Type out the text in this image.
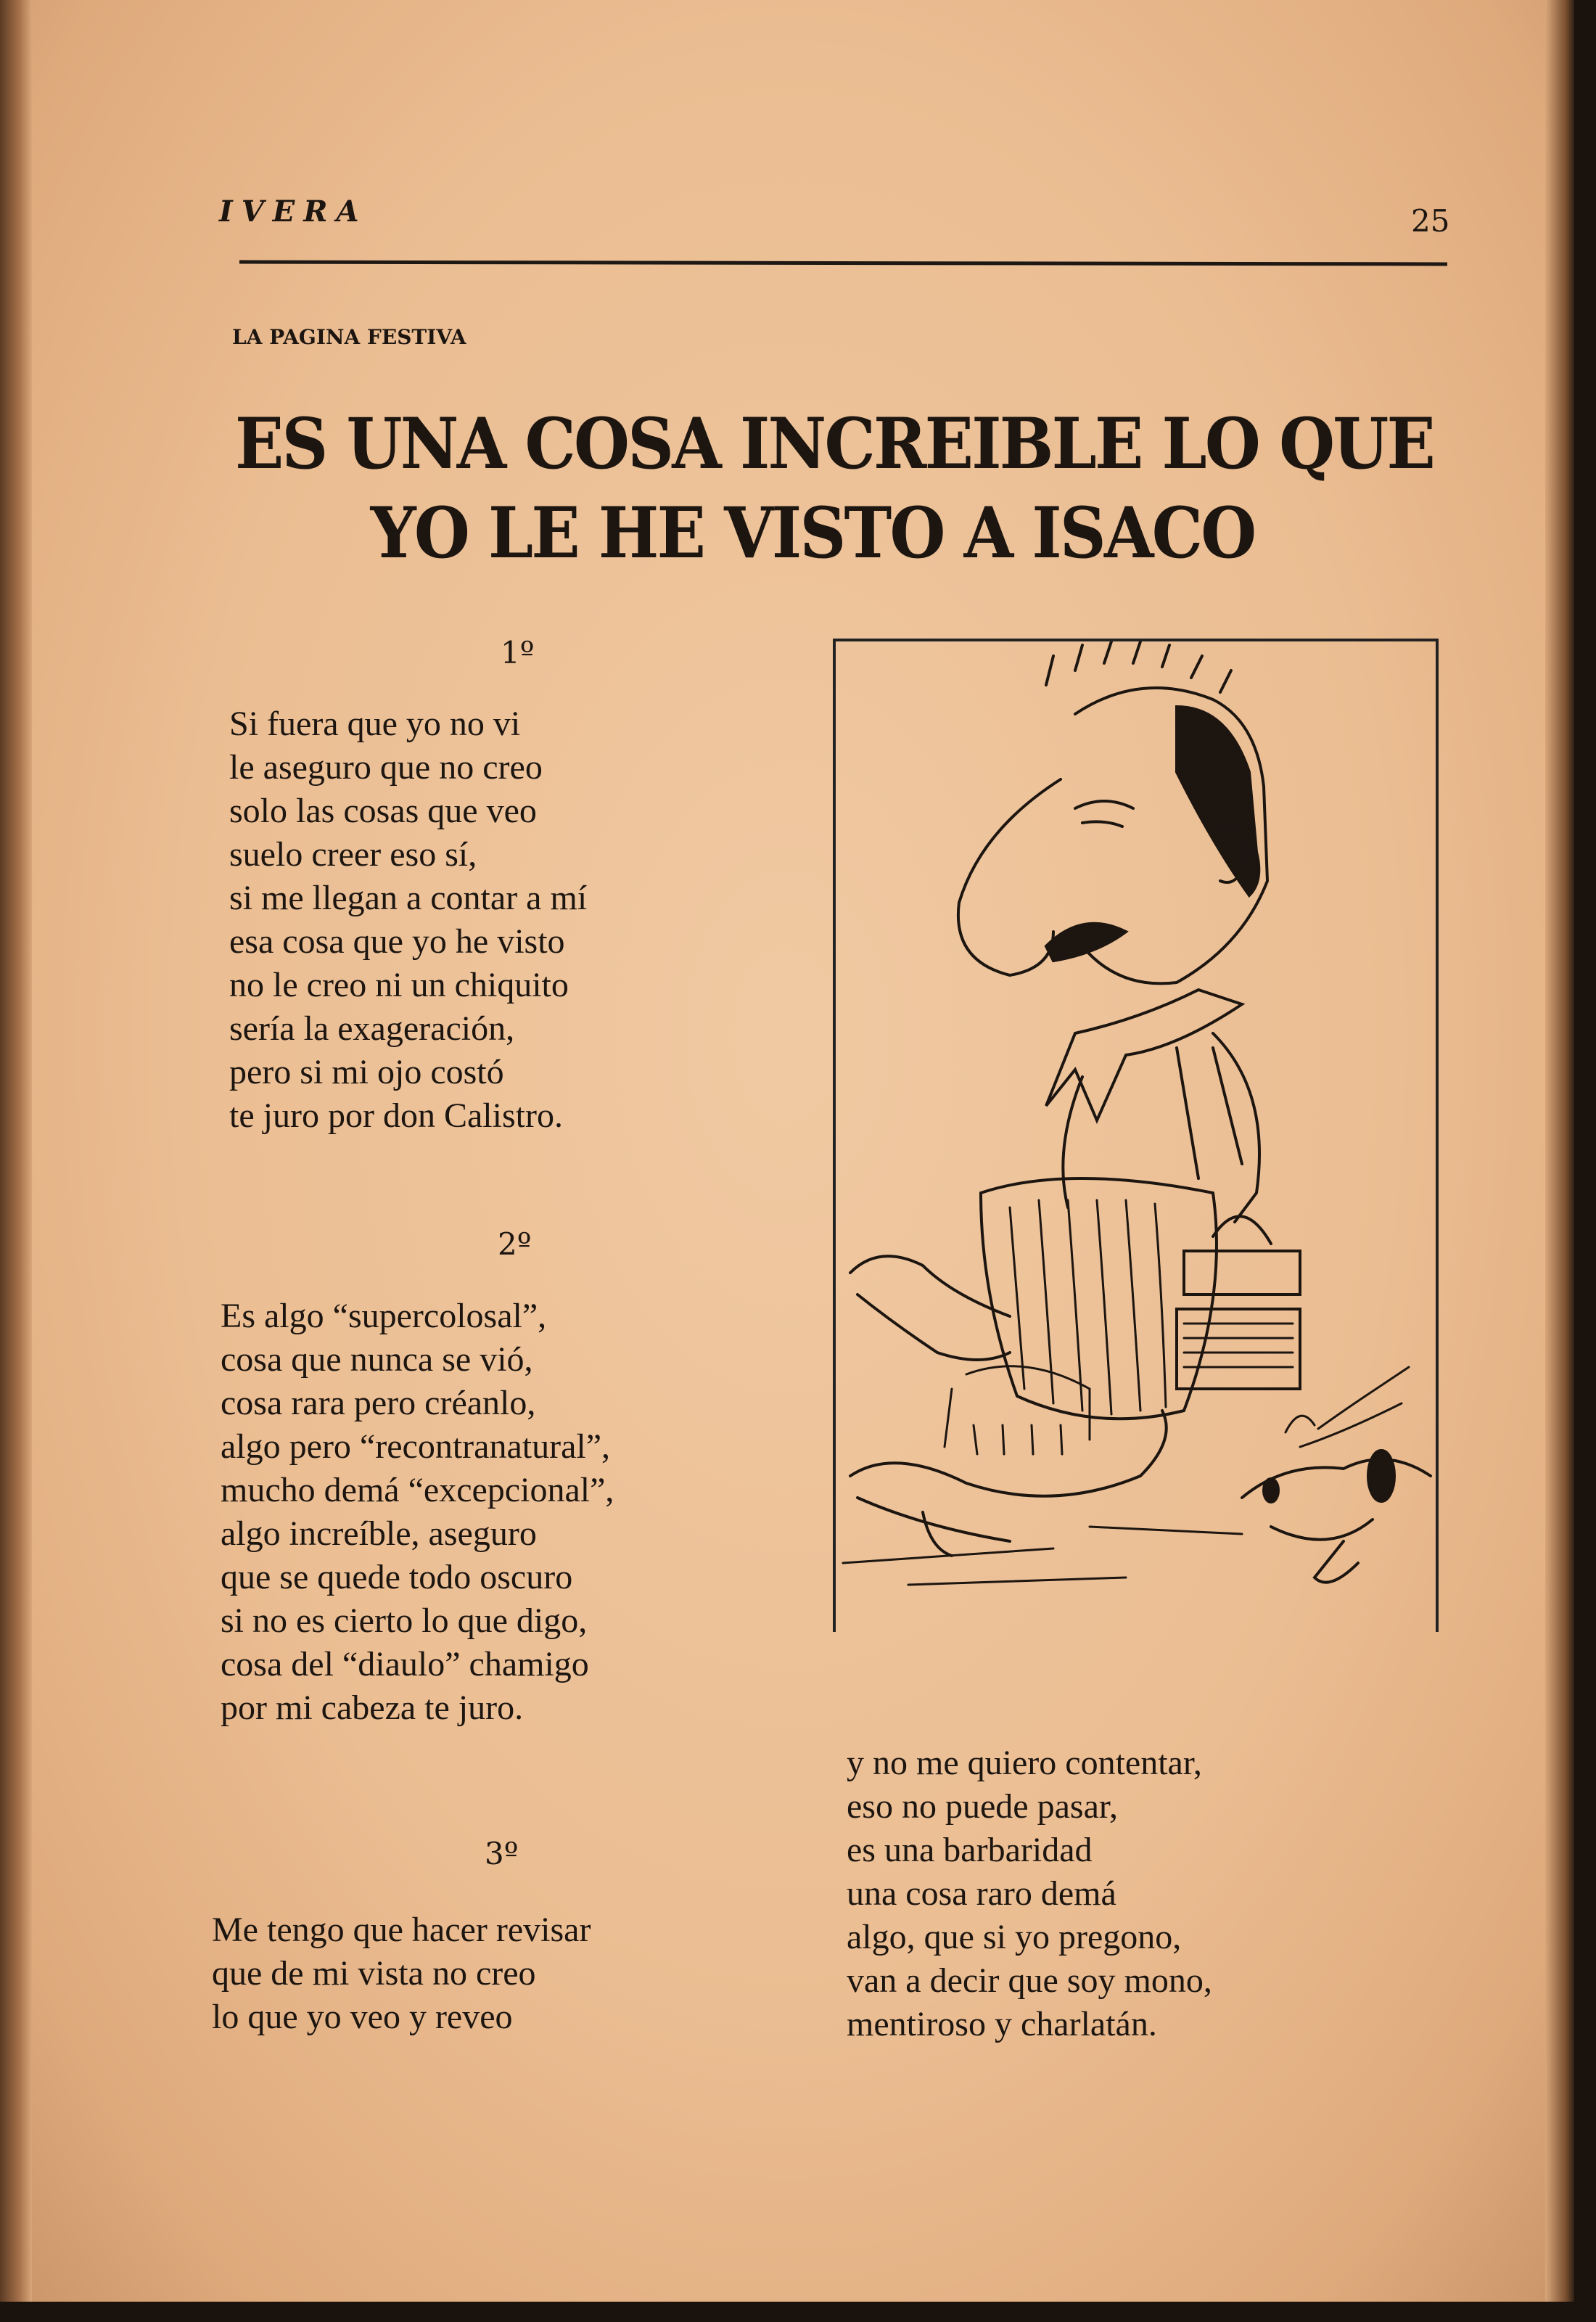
IVERA	25
LA PAGINA FESTIVA
ES UNA COSA INCREIBLE LO QUE
YO LE HE VISTO A ISACO
1º
Si fuera que yo no vi
le aseguro que no creo
solo las cosas que veo
suelo creer eso sí,
si me llegan a contar a mí
esa cosa que yo he visto
no le creo ni un chiquito
sería la exageración,
pero si mi ojo costó
te juro por don Calistro.
2º
Es algo “supercolosal”,
cosa que nunca se vió,
cosa rara pero créanlo,
algo pero “recontranatural”,
mucho demá “excepcional”,
algo increíble, aseguro
que se quede todo oscuro
si no es cierto lo que digo,
cosa del “diaulo” chamigo
por mi cabeza te juro.
3º
Me tengo que hacer revisar
que de mi vista no creo
lo que yo veo y reveo
y no me quiero contentar,
eso no puede pasar,
es una barbaridad
una cosa raro demá
algo, que si yo pregono,
van a decir que soy mono,
mentiroso y charlatán.
